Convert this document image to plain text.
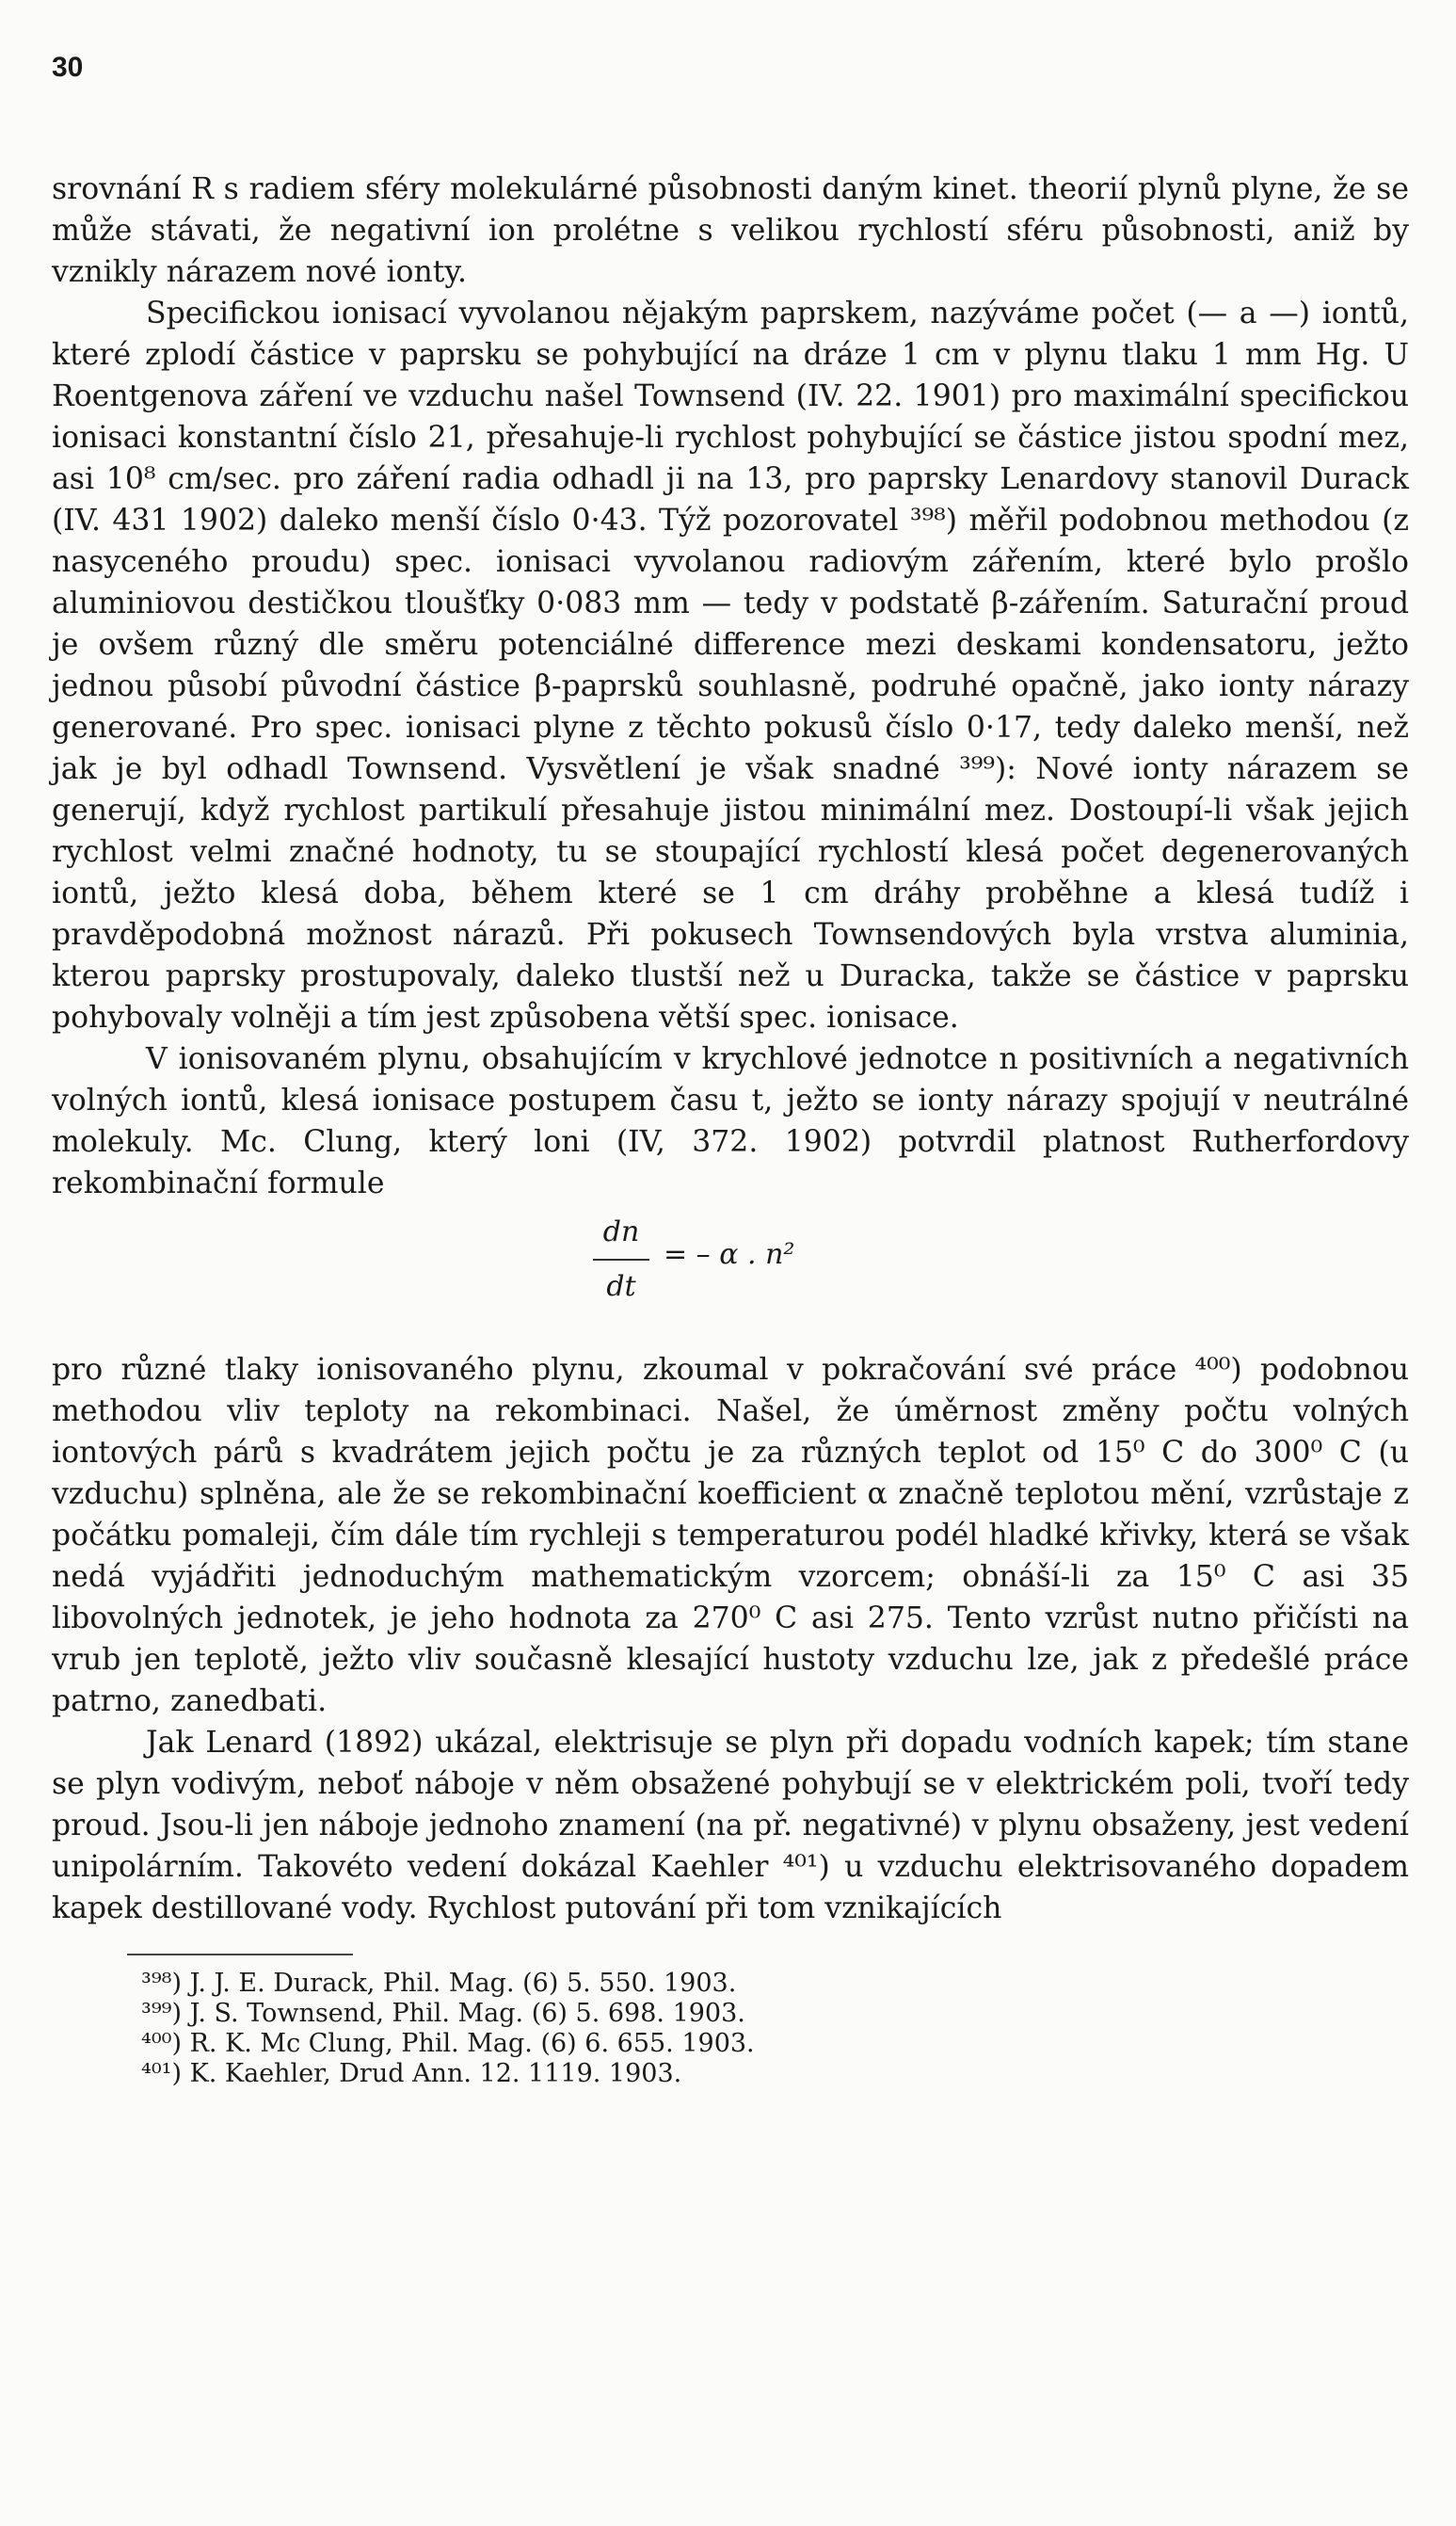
30

srovnání R s radiem sféry molekulárné působnosti daným kinet. theorií plynů plyne, že se může stávati, že negativní ion prolétne s velikou rychlostí sféru působnosti, aniž by vznikly nárazem nové ionty.

Specifickou ionisací vyvolanou nějakým paprskem, nazýváme počet (— a —) iontů, které zplodí částice v paprsku se pohybující na dráze 1 cm v plynu tlaku 1 mm Hg. U Roentgenova záření ve vzduchu našel Townsend (IV. 22. 1901) pro maximální specifickou ionisaci konstantní číslo 21, přesahuje-li rychlost pohybující se částice jistou spodní mez, asi 10⁸ cm/sec. pro záření radia odhadl ji na 13, pro paprsky Lenardovy stanovil Durack (IV. 431 1902) daleko menší číslo 0·43. Týž pozorovatel ³⁹⁸) měřil podobnou methodou (z nasyceného proudu) spec. ionisaci vyvolanou radiovým zářením, které bylo prošlo aluminiovou destičkou tloušťky 0·083 mm — tedy v podstatě β-zářením. Saturační proud je ovšem různý dle směru potenciálné difference mezi deskami kondensatoru, ježto jednou působí původní částice β-paprsků souhlasně, podruhé opačně, jako ionty nárazy generované. Pro spec. ionisaci plyne z těchto pokusů číslo 0·17, tedy daleko menší, než jak je byl odhadl Townsend. Vysvětlení je však snadné ³⁹⁹): Nové ionty nárazem se generují, když rychlost partikulí přesahuje jistou minimální mez. Dostoupí-li však jejich rychlost velmi značné hodnoty, tu se stoupající rychlostí klesá počet degenerovaných iontů, ježto klesá doba, během které se 1 cm dráhy proběhne a klesá tudíž i pravděpodobná možnost nárazů. Při pokusech Townsendových byla vrstva aluminia, kterou paprsky prostupovaly, daleko tlustší než u Duracka, takže se částice v paprsku pohybovaly volněji a tím jest způsobena větší spec. ionisace.

V ionisovaném plynu, obsahujícím v krychlové jednotce n positivních a negativních volných iontů, klesá ionisace postupem času t, ježto se ionty nárazy spojují v neutrálné molekuly. Mc. Clung, který loni (IV, 372. 1902) potvrdil platnost Rutherfordovy rekombinační formule

dn
dt
= – α . n²

pro různé tlaky ionisovaného plynu, zkoumal v pokračování své práce ⁴⁰⁰) podobnou methodou vliv teploty na rekombinaci. Našel, že úměrnost změny počtu volných iontových párů s kvadrátem jejich počtu je za různých teplot od 15⁰ C do 300⁰ C (u vzduchu) splněna, ale že se rekombinační koefficient α značně teplotou mění, vzrůstaje z počátku pomaleji, čím dále tím rychleji s temperaturou podél hladké křivky, která se však nedá vyjádřiti jednoduchým mathematickým vzorcem; obnáší-li za 15⁰ C asi 35 libovolných jednotek, je jeho hodnota za 270⁰ C asi 275. Tento vzrůst nutno přičísti na vrub jen teplotě, ježto vliv současně klesající hustoty vzduchu lze, jak z předešlé práce patrno, zanedbati.

Jak Lenard (1892) ukázal, elektrisuje se plyn při dopadu vodních kapek; tím stane se plyn vodivým, neboť náboje v něm obsažené pohybují se v elektrickém poli, tvoří tedy proud. Jsou-li jen náboje jednoho znamení (na př. negativné) v plynu obsaženy, jest vedení unipolárním. Takovéto vedení dokázal Kaehler ⁴⁰¹) u vzduchu elektrisovaného dopadem kapek destillované vody. Rychlost putování při tom vznikajících

³⁹⁸) J. J. E. Durack, Phil. Mag. (6) 5. 550. 1903.
³⁹⁹) J. S. Townsend, Phil. Mag. (6) 5. 698. 1903.
⁴⁰⁰) R. K. Mc Clung, Phil. Mag. (6) 6. 655. 1903.
⁴⁰¹) K. Kaehler, Drud Ann. 12. 1119. 1903.
